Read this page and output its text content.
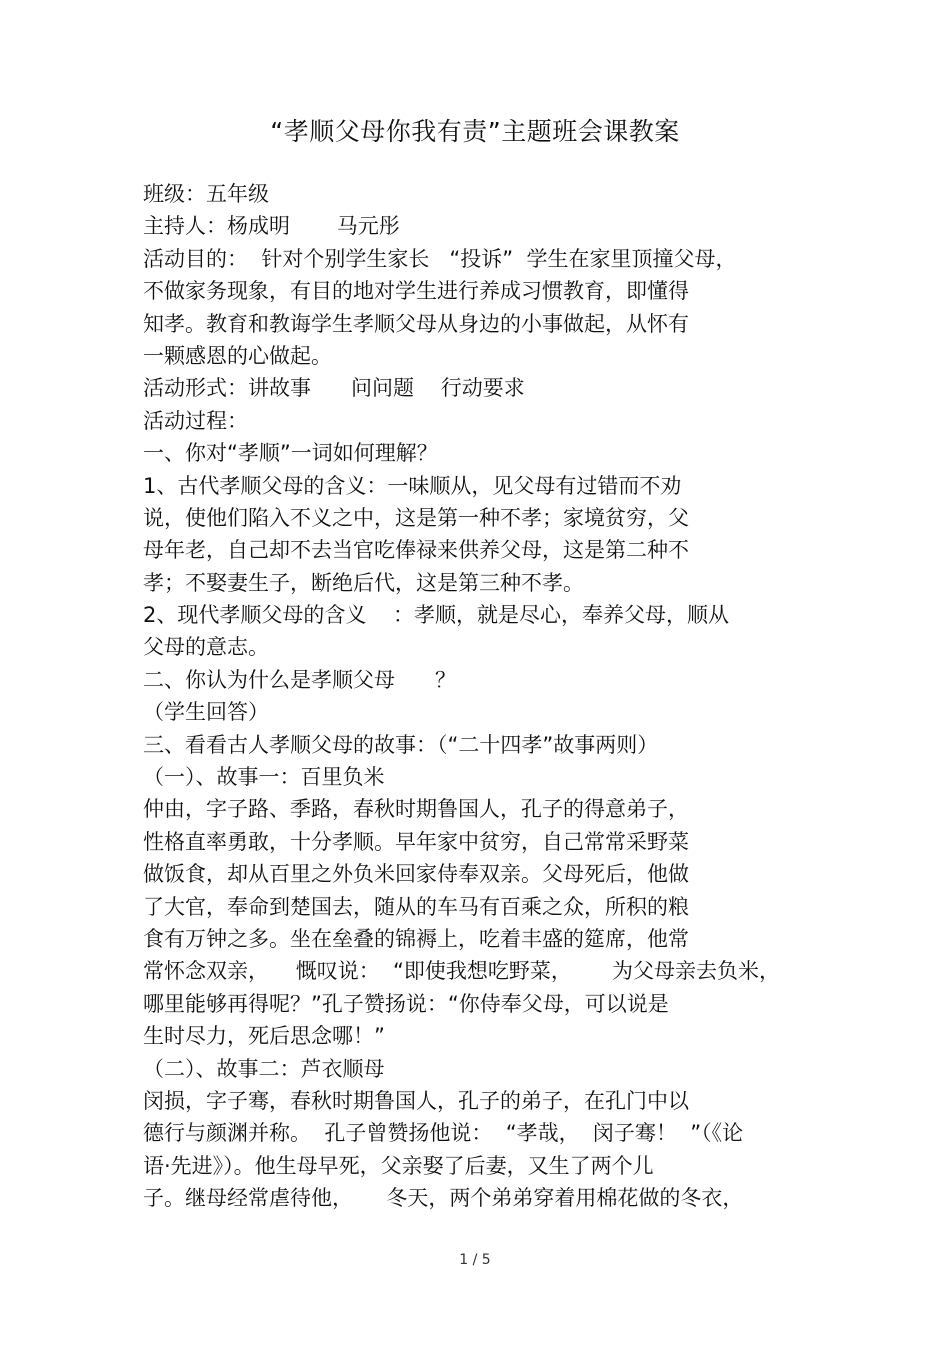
“孝顺父母你我有责”主题班会课教案
班级：五年级
主持人：杨成明       马元彤
活动目的：  针对个别学生家长   “投诉”  学生在家里顶撞父母，
不做家务现象，有目的地对学生进行养成习惯教育，即懂得
知孝。教育和教诲学生孝顺父母从身边的小事做起，从怀有
一颗感恩的心做起。
活动形式：讲故事      问问题    行动要求
活动过程：
一、你对“孝顺”一词如何理解？
1、古代孝顺父母的含义：一味顺从，见父母有过错而不劝
说，使他们陷入不义之中，这是第一种不孝；家境贫穷，父
母年老，自己却不去当官吃俸禄来供养父母，这是第二种不
孝；不娶妻生子，断绝后代，这是第三种不孝。
2、现代孝顺父母的含义    ：孝顺，就是尽心，奉养父母，顺从
父母的意志。
二、你认为什么是孝顺父母      ？
（学生回答）
三、看看古人孝顺父母的故事：（“二十四孝”故事两则）
（一）、故事一：百里负米
仲由，字子路、季路，春秋时期鲁国人，孔子的得意弟子，
性格直率勇敢，十分孝顺。早年家中贫穷，自己常常采野菜
做饭食，却从百里之外负米回家侍奉双亲。父母死后，他做
了大官，奉命到楚国去，随从的车马有百乘之众，所积的粮
食有万钟之多。坐在垒叠的锦褥上，吃着丰盛的筵席，他常
常怀念双亲，    慨叹说：  “即使我想吃野菜，      为父母亲去负米，
哪里能够再得呢？”孔子赞扬说：“你侍奉父母，可以说是
生时尽力，死后思念哪！”
（二）、故事二：芦衣顺母
闵损，字子骞，春秋时期鲁国人，孔子的弟子，在孔门中以
德行与颜渊并称。  孔子曾赞扬他说：  “孝哉，  闵子骞！  ”（《论
语·先进》）。他生母早死，父亲娶了后妻，又生了两个儿
子。继母经常虐待他，     冬天，两个弟弟穿着用棉花做的冬衣，
1 / 5
